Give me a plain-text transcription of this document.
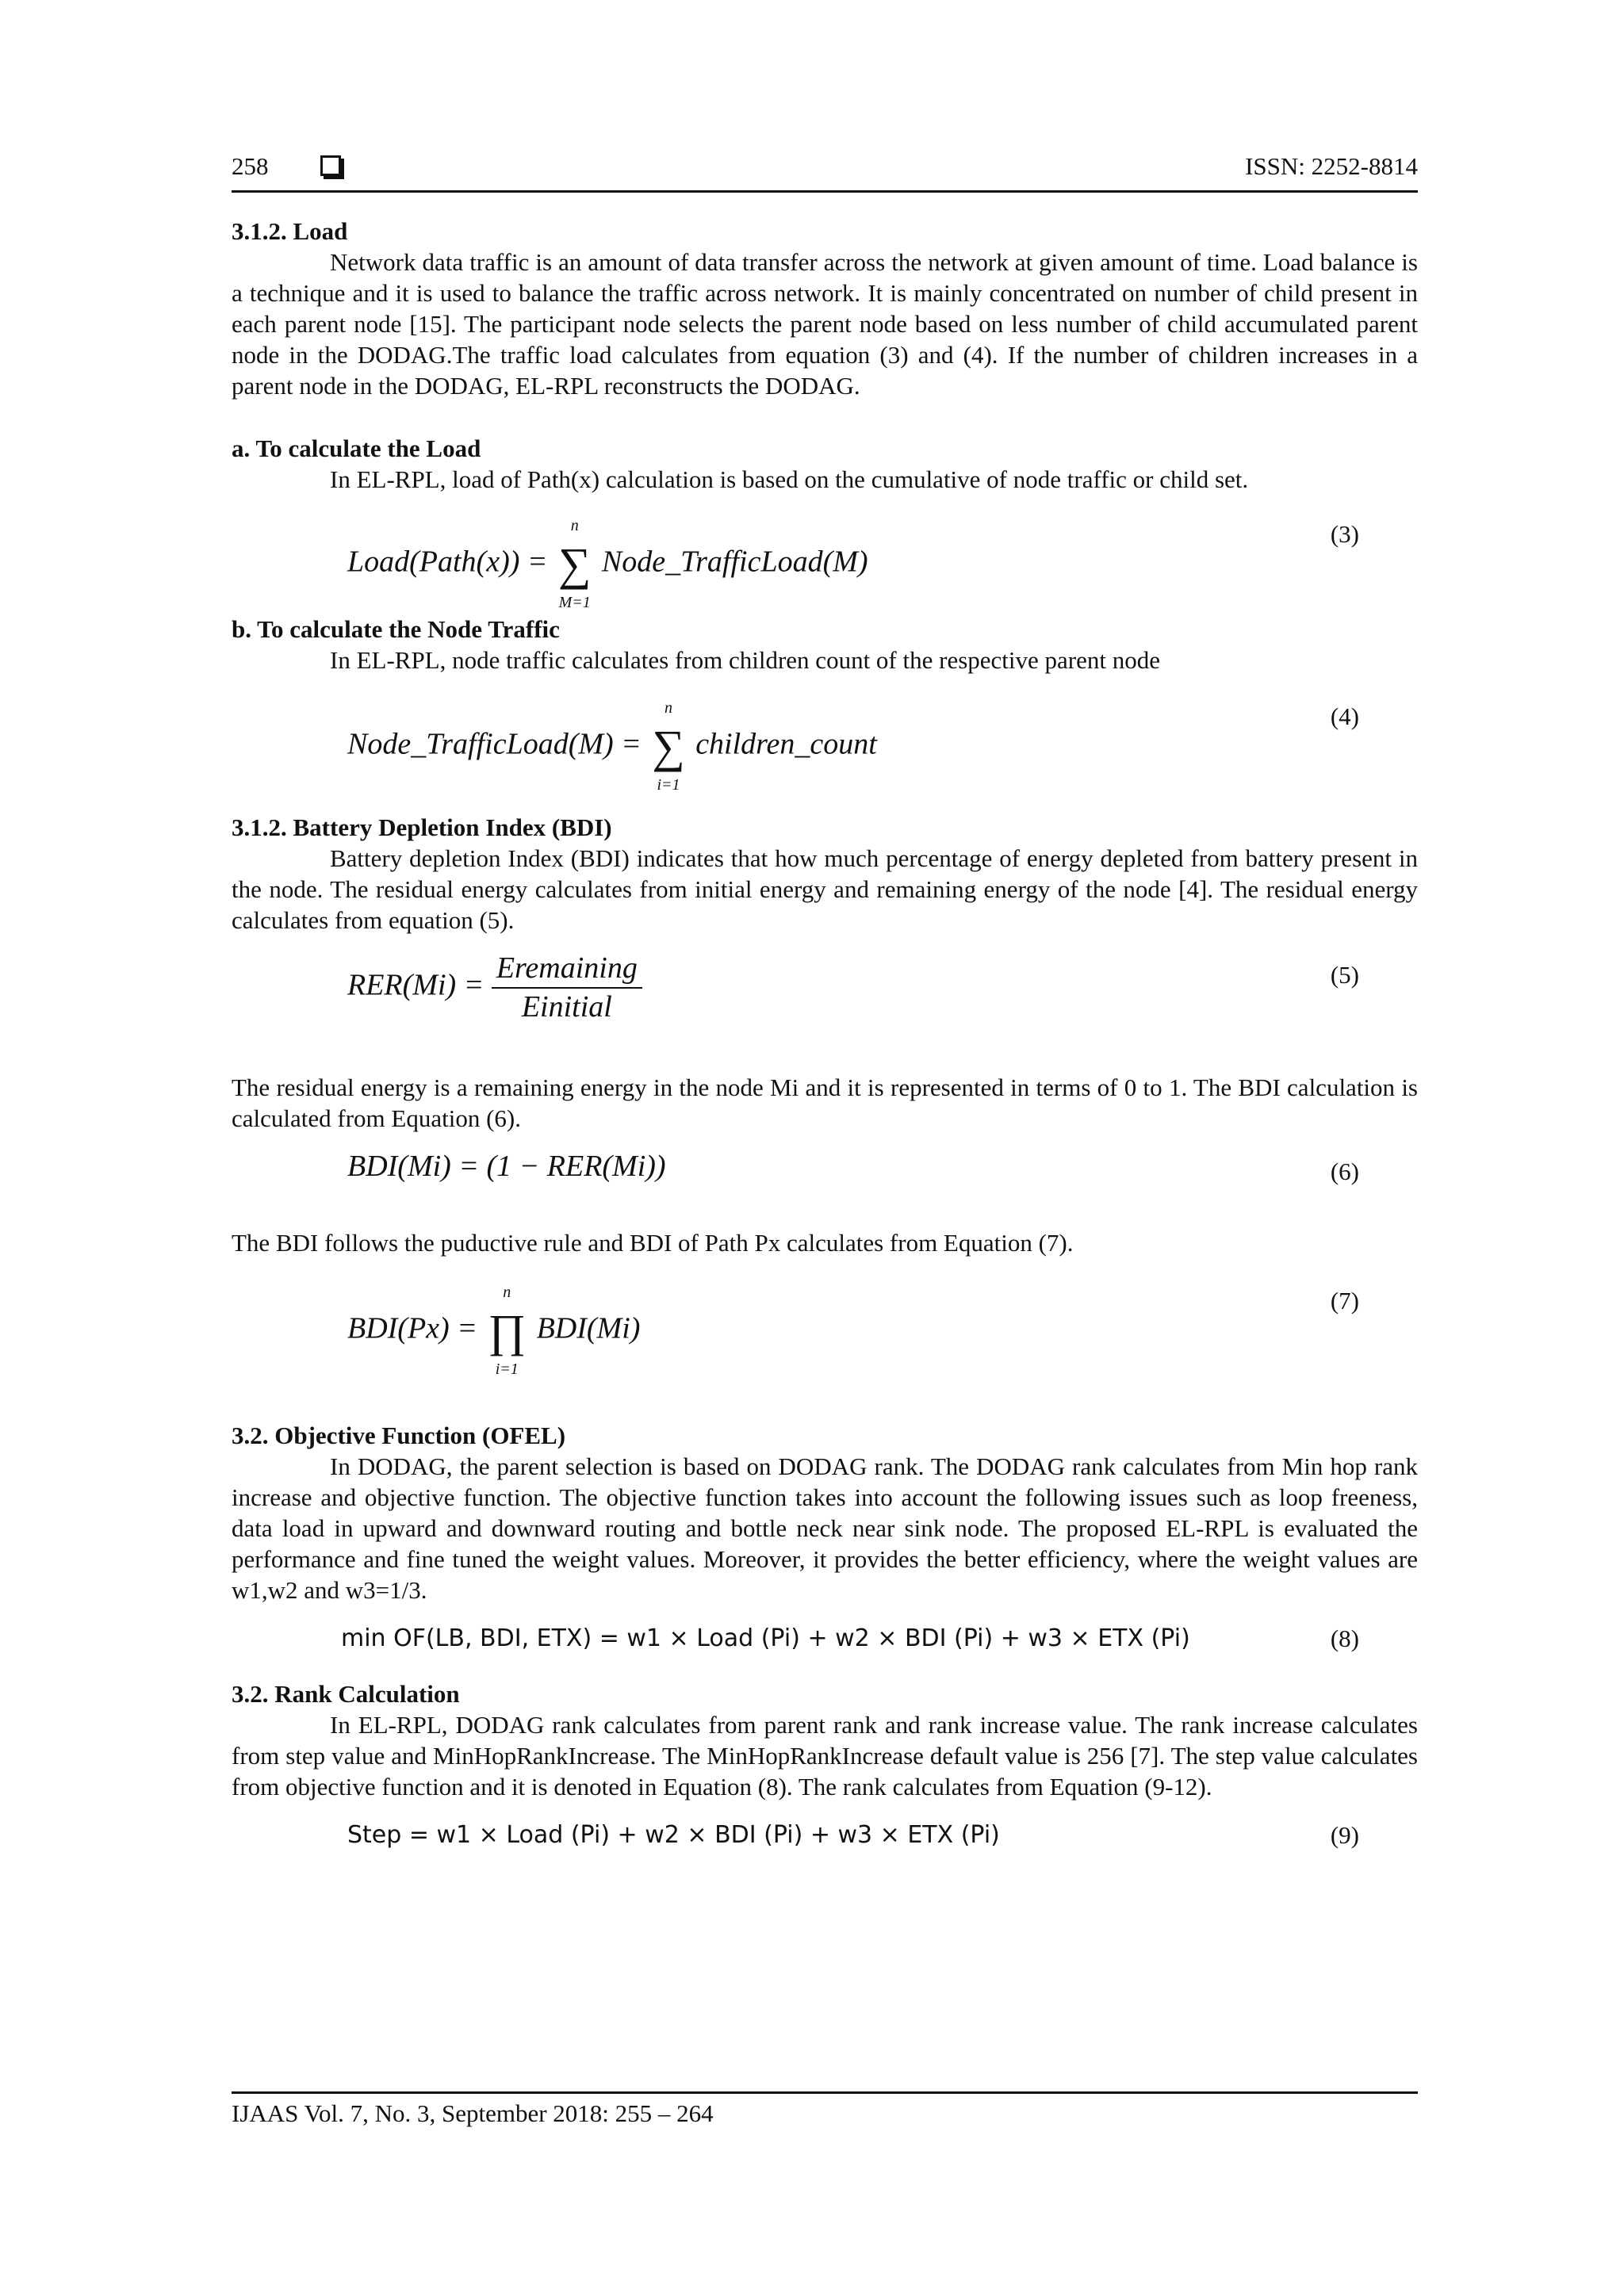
258	ISSN: 2252-8814

3.1.2. Load

Network data traffic is an amount of data transfer across the network at given amount of time. Load balance is a technique and it is used to balance the traffic across network. It is mainly concentrated on number of child present in each parent node [15]. The participant node selects the parent node based on less number of child accumulated parent node in the DODAG.The traffic load calculates from equation (3) and (4). If the number of children increases in a parent node in the DODAG, EL-RPL reconstructs the DODAG.

a. To calculate the Load

In EL-RPL, load of Path(x) calculation is based on the cumulative of node traffic or child set.

Load(Path(x)) =
n
∑
M=1
Node_TrafficLoad(M)
(3)

b. To calculate the Node Traffic

In EL-RPL, node traffic calculates from children count of the respective parent node

Node_TrafficLoad(M) =
n
∑
i=1
children_count
(4)

3.1.2. Battery Depletion Index (BDI)

Battery depletion Index (BDI) indicates that how much percentage of energy depleted from battery present in the node. The residual energy calculates from initial energy and remaining energy of the node [4]. The residual energy calculates from equation (5).

$RER(Mi) = \frac{\text{Eremaining}}{\text{Einitial}}$	(5)

The residual energy is a remaining energy in the node Mi and it is represented in terms of 0 to 1. The BDI calculation is calculated from Equation (6).

BDI(Mi) = (1 − RER(Mi))	(6)

The BDI follows the puductive rule and BDI of Path Px calculates from Equation (7).

BDI(Px) =
n
∏
i=1
BDI(Mi)
(7)

3.2. Objective Function (OFEL)

In DODAG, the parent selection is based on DODAG rank. The DODAG rank calculates from Min hop rank increase and objective function. The objective function takes into account the following issues such as loop freeness, data load in upward and downward routing and bottle neck near sink node. The proposed EL-RPL is evaluated the performance and fine tuned the weight values. Moreover, it provides the better efficiency, where the weight values are w1,w2 and w3=1/3.

min OF(LB, BDI, ETX) = w1 × Load (Pi) + w2 × BDI (Pi) + w3 × ETX (Pi)	(8)

3.2. Rank Calculation

In EL-RPL, DODAG rank calculates from parent rank and rank increase value. The rank increase calculates from step value and MinHopRankIncrease. The MinHopRankIncrease default value is 256 [7]. The step value calculates from objective function and it is denoted in Equation (8). The rank calculates from Equation (9-12).

Step = w1 × Load (Pi) + w2 × BDI (Pi) + w3 × ETX (Pi)	(9)
IJAAS Vol. 7, No. 3, September 2018: 255 – 264
